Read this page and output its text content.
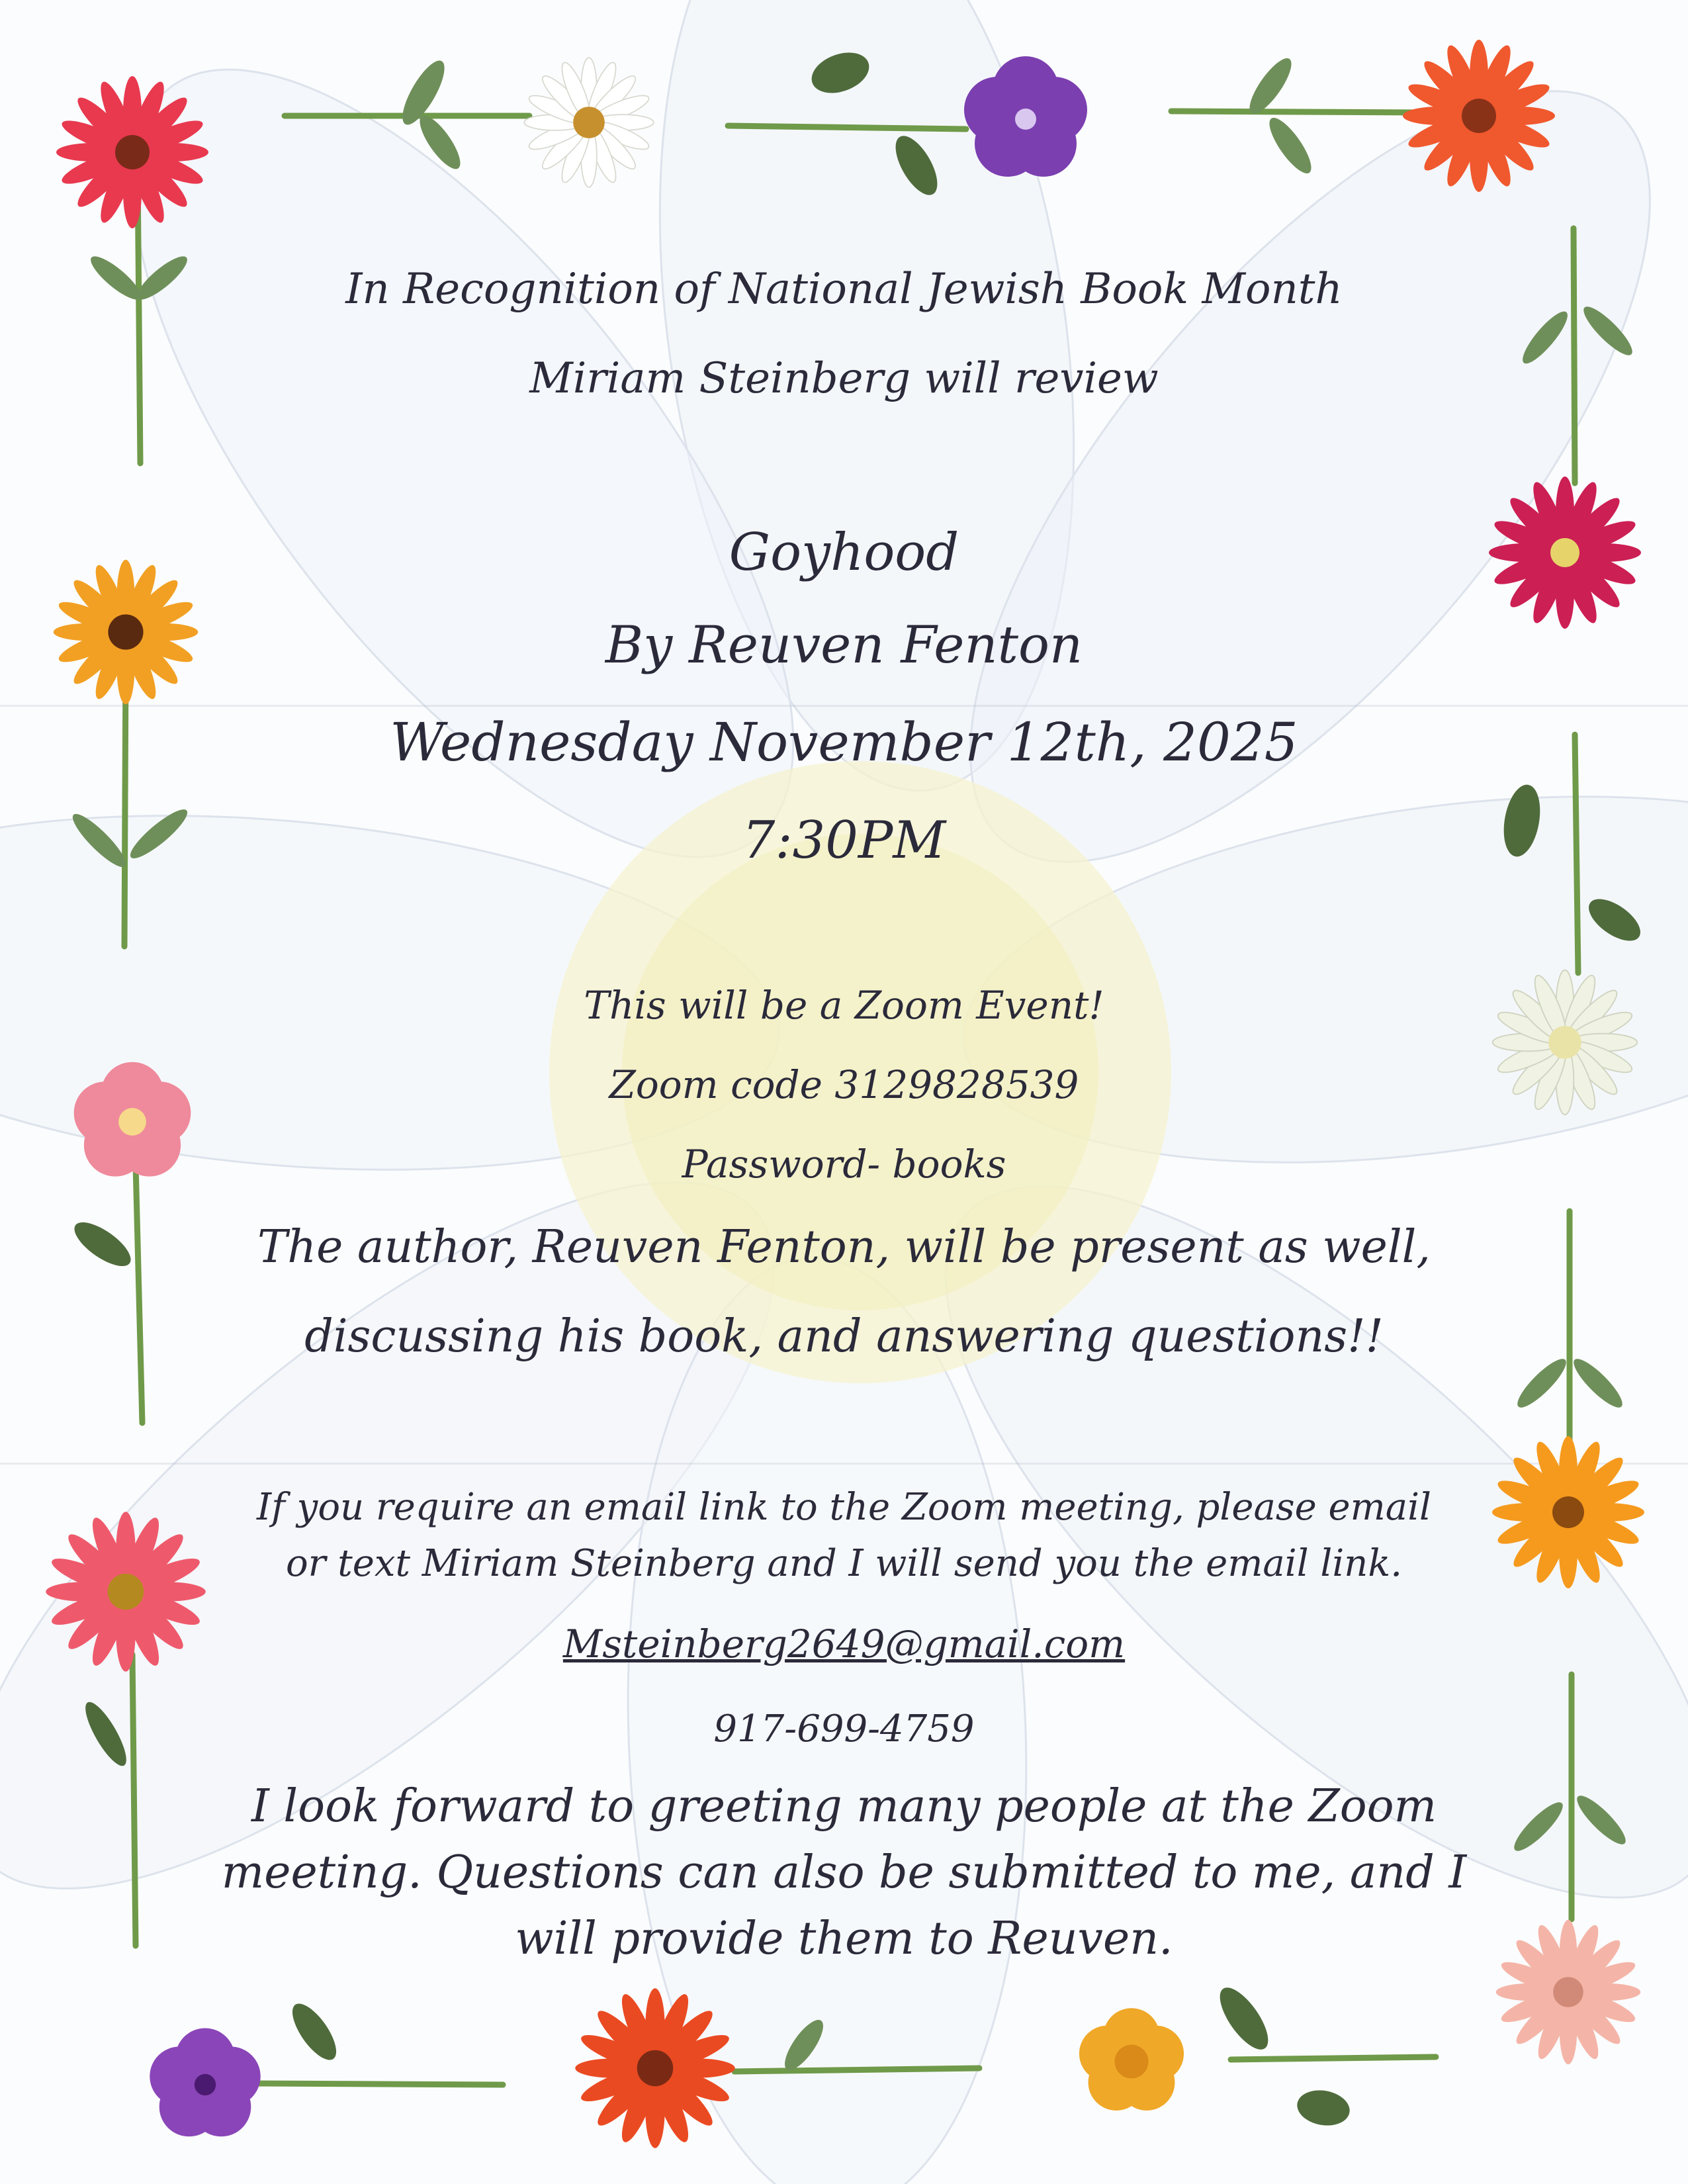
In Recognition of National Jewish Book Month

Miriam Steinberg will review

Goyhood

By Reuven Fenton

Wednesday November 12th, 2025

7:30PM

This will be a Zoom Event!

Zoom code 3129828539

Password- books

The author, Reuven Fenton, will be present as well,

discussing his book, and answering questions!!

If you require an email link to the Zoom meeting, please email

or text Miriam Steinberg and I will send you the email link.

Msteinberg2649@gmail.com

917-699-4759

I look forward to greeting many people at the Zoom

meeting. Questions can also be submitted to me, and I

will provide them to Reuven.
